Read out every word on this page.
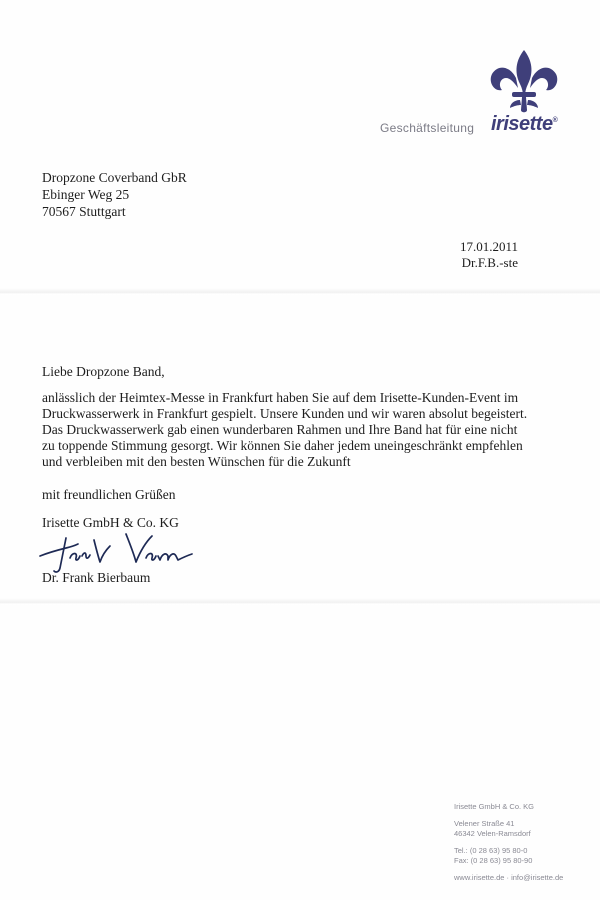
irisette®
Geschäftsleitung
Dropzone Coverband GbR
Ebinger Weg 25
70567 Stuttgart
17.01.2011
Dr.F.B.-ste
Liebe Dropzone Band,
anlässlich der Heimtex-Messe in Frankfurt haben Sie auf dem Irisette-Kunden-Event im Druckwasserwerk in Frankfurt gespielt. Unsere Kunden und wir waren absolut begeistert. Das Druckwasserwerk gab einen wunderbaren Rahmen und Ihre Band hat für eine nicht zu toppende Stimmung gesorgt. Wir können Sie daher jedem uneingeschränkt empfehlen und verbleiben mit den besten Wünschen für die Zukunft
mit freundlichen Grüßen
Irisette GmbH & Co. KG
Dr. Frank Bierbaum
Irisette GmbH & Co. KG
Velener Straße 41
46342 Velen-Ramsdorf
Tel.: (0 28 63) 95 80-0
Fax: (0 28 63) 95 80-90
www.irisette.de · info@irisette.de
